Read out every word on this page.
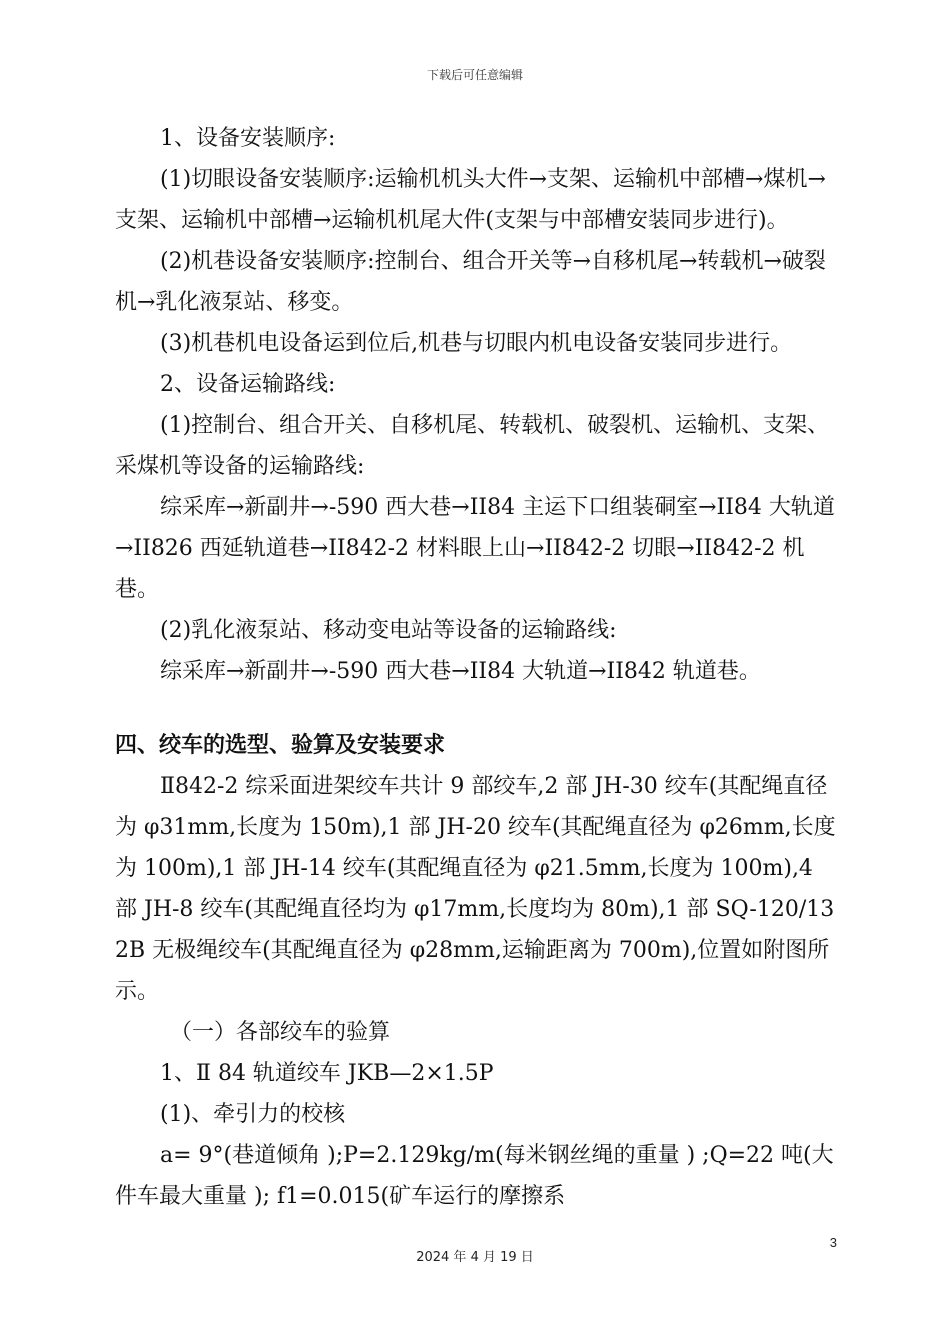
下载后可任意编辑

1、设备安装顺序:

(1)切眼设备安装顺序:运输机机头大件→支架、运输机中部槽→煤机→支架、运输机中部槽→运输机机尾大件(支架与中部槽安装同步进行)。

(2)机巷设备安装顺序:控制台、组合开关等→自移机尾→转载机→破裂机→乳化液泵站、移变。

(3)机巷机电设备运到位后,机巷与切眼内机电设备安装同步进行。

2、设备运输路线:

(1)控制台、组合开关、自移机尾、转载机、破裂机、运输机、支架、采煤机等设备的运输路线:

综采库→新副井→-590 西大巷→II84 主运下口组装硐室→II84 大轨道→II826 西延轨道巷→II842-2 材料眼上山→II842-2 切眼→II842-2 机巷。

(2)乳化液泵站、移动变电站等设备的运输路线:

综采库→新副井→-590 西大巷→II84 大轨道→II842 轨道巷。

四、绞车的选型、验算及安装要求

Ⅱ842-2 综采面进架绞车共计 9 部绞车,2 部 JH-30 绞车(其配绳直径为 φ31mm,长度为 150m),1 部 JH-20 绞车(其配绳直径为 φ26mm,长度为 100m),1 部 JH-14 绞车(其配绳直径为 φ21.5mm,长度为 100m),4 部 JH-8 绞车(其配绳直径均为 φ17mm,长度均为 80m),1 部 SQ-120/132B 无极绳绞车(其配绳直径为 φ28mm,运输距离为 700m),位置如附图所示。

（一）各部绞车的验算

1、Ⅱ 84 轨道绞车 JKB—2×1.5P

(1)、牵引力的校核

a= 9°(巷道倾角 );P=2.129kg/m(每米钢丝绳的重量 ) ;Q=22 吨(大件车最大重量 ); f1=0.015(矿车运行的摩擦系

3
2024 年 4 月 19 日
